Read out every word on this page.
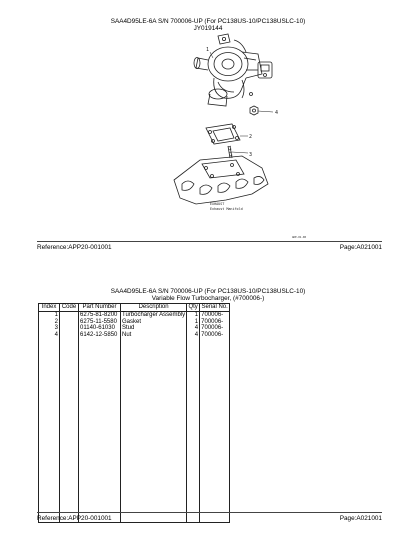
SAA4D95LE-6A S/N 700006-UP (For PC138US-10/PC138USLC-10)
JY019144
1
2
3
4
EXHAUST
Exhaust Manifold
ADE-01-00
Reference:APP20-001001	Page:A021001
SAA4D95LE-6A S/N 700006-UP (For PC138US-10/PC138USLC-10)
Variable Flow Turbocharger, (#700006-)
Index	Code	Part Number	Description	Qty	Serial No.
1		6275-81-8200	Turbocharger Assembly	1	700006-
2		6275-11-5580	Gasket	1	700006-
3		01140-61030	Stud	4	700006-
4		6142-12-5850	Nut	4	700006-

Reference:APP20-001001	Page:A021001
